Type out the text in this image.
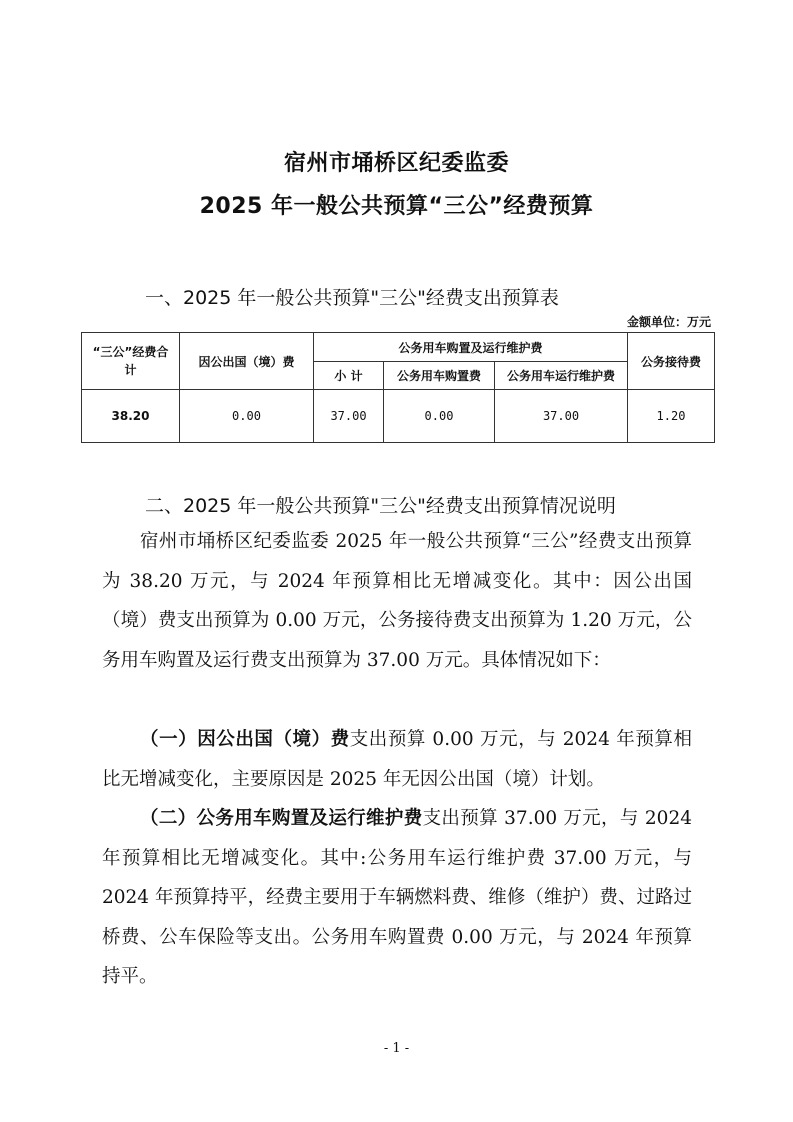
宿州市埇桥区纪委监委
2025 年一般公共预算“三公”经费预算
一、2025 年一般公共预算"三公"经费支出预算表
金额单位：万元
“三公”经费合计	因公出国（境）费	公务用车购置及运行维护费			公务接待费
		小 计	公务用车购置费	公务用车运行维护费	
38.20	0.00	37.00	0.00	37.00	1.20
二、2025 年一般公共预算"三公"经费支出预算情况说明
宿州市埇桥区纪委监委 2025 年一般公共预算“三公”经费支出预算为 38.20 万元，与 2024 年预算相比无增减变化。其中：因公出国（境）费支出预算为 0.00 万元，公务接待费支出预算为 1.20 万元，公务用车购置及运行费支出预算为 37.00 万元。具体情况如下：
（一）因公出国（境）费支出预算 0.00 万元，与 2024 年预算相比无增减变化，主要原因是 2025 年无因公出国（境）计划。
（二）公务用车购置及运行维护费支出预算 37.00 万元，与 2024 年预算相比无增减变化。其中:公务用车运行维护费 37.00 万元，与 2024 年预算持平，经费主要用于车辆燃料费、维修（维护）费、过路过桥费、公车保险等支出。公务用车购置费 0.00 万元，与 2024 年预算持平。
- 1 -
